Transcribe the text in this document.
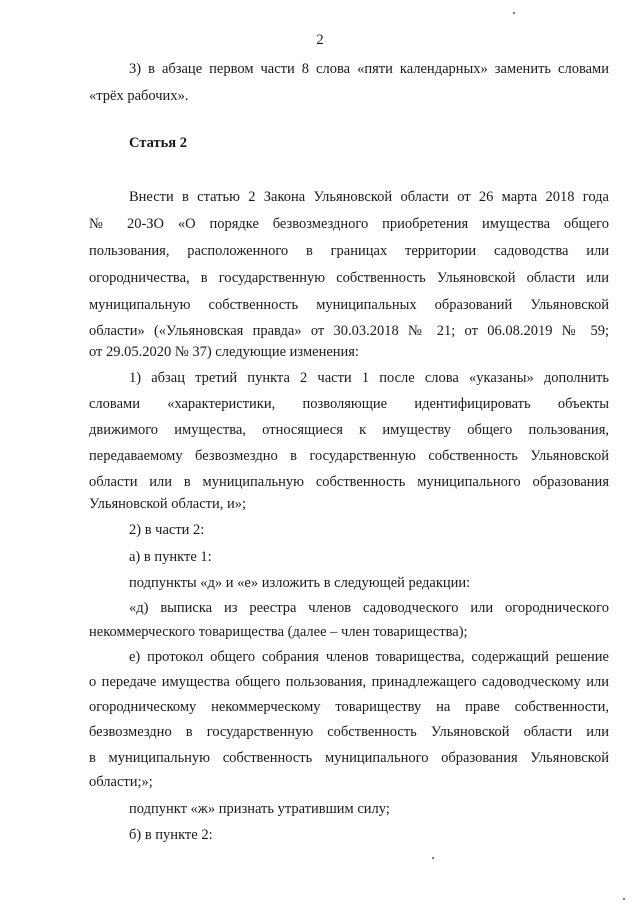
2
3) в абзаце первом части 8 слова «пяти календарных» заменить словами
«трёх рабочих».
Статья 2
Внести в статью 2 Закона Ульяновской области от 26 марта 2018 года
№ 20-ЗО «О порядке безвозмездного приобретения имущества общего
пользования, расположенного в границах территории садоводства или
огородничества, в государственную собственность Ульяновской области или
муниципальную собственность муниципальных образований Ульяновской
области» («Ульяновская правда» от 30.03.2018 № 21; от 06.08.2019 № 59;
от 29.05.2020 № 37) следующие изменения:
1) абзац третий пункта 2 части 1 после слова «указаны» дополнить
словами «характеристики, позволяющие идентифицировать объекты
движимого имущества, относящиеся к имуществу общего пользования,
передаваемому безвозмездно в государственную собственность Ульяновской
области или в муниципальную собственность муниципального образования
Ульяновской области, и»;
2) в части 2:
а) в пункте 1:
подпункты «д» и «е» изложить в следующей редакции:
«д) выписка из реестра членов садоводческого или огороднического
некоммерческого товарищества (далее – член товарищества);
е) протокол общего собрания членов товарищества, содержащий решение
о передаче имущества общего пользования, принадлежащего садоводческому или
огородническому некоммерческому товариществу на праве собственности,
безвозмездно в государственную собственность Ульяновской области или
в муниципальную собственность муниципального образования Ульяновской
области;»;
подпункт «ж» признать утратившим силу;
б) в пункте 2:
